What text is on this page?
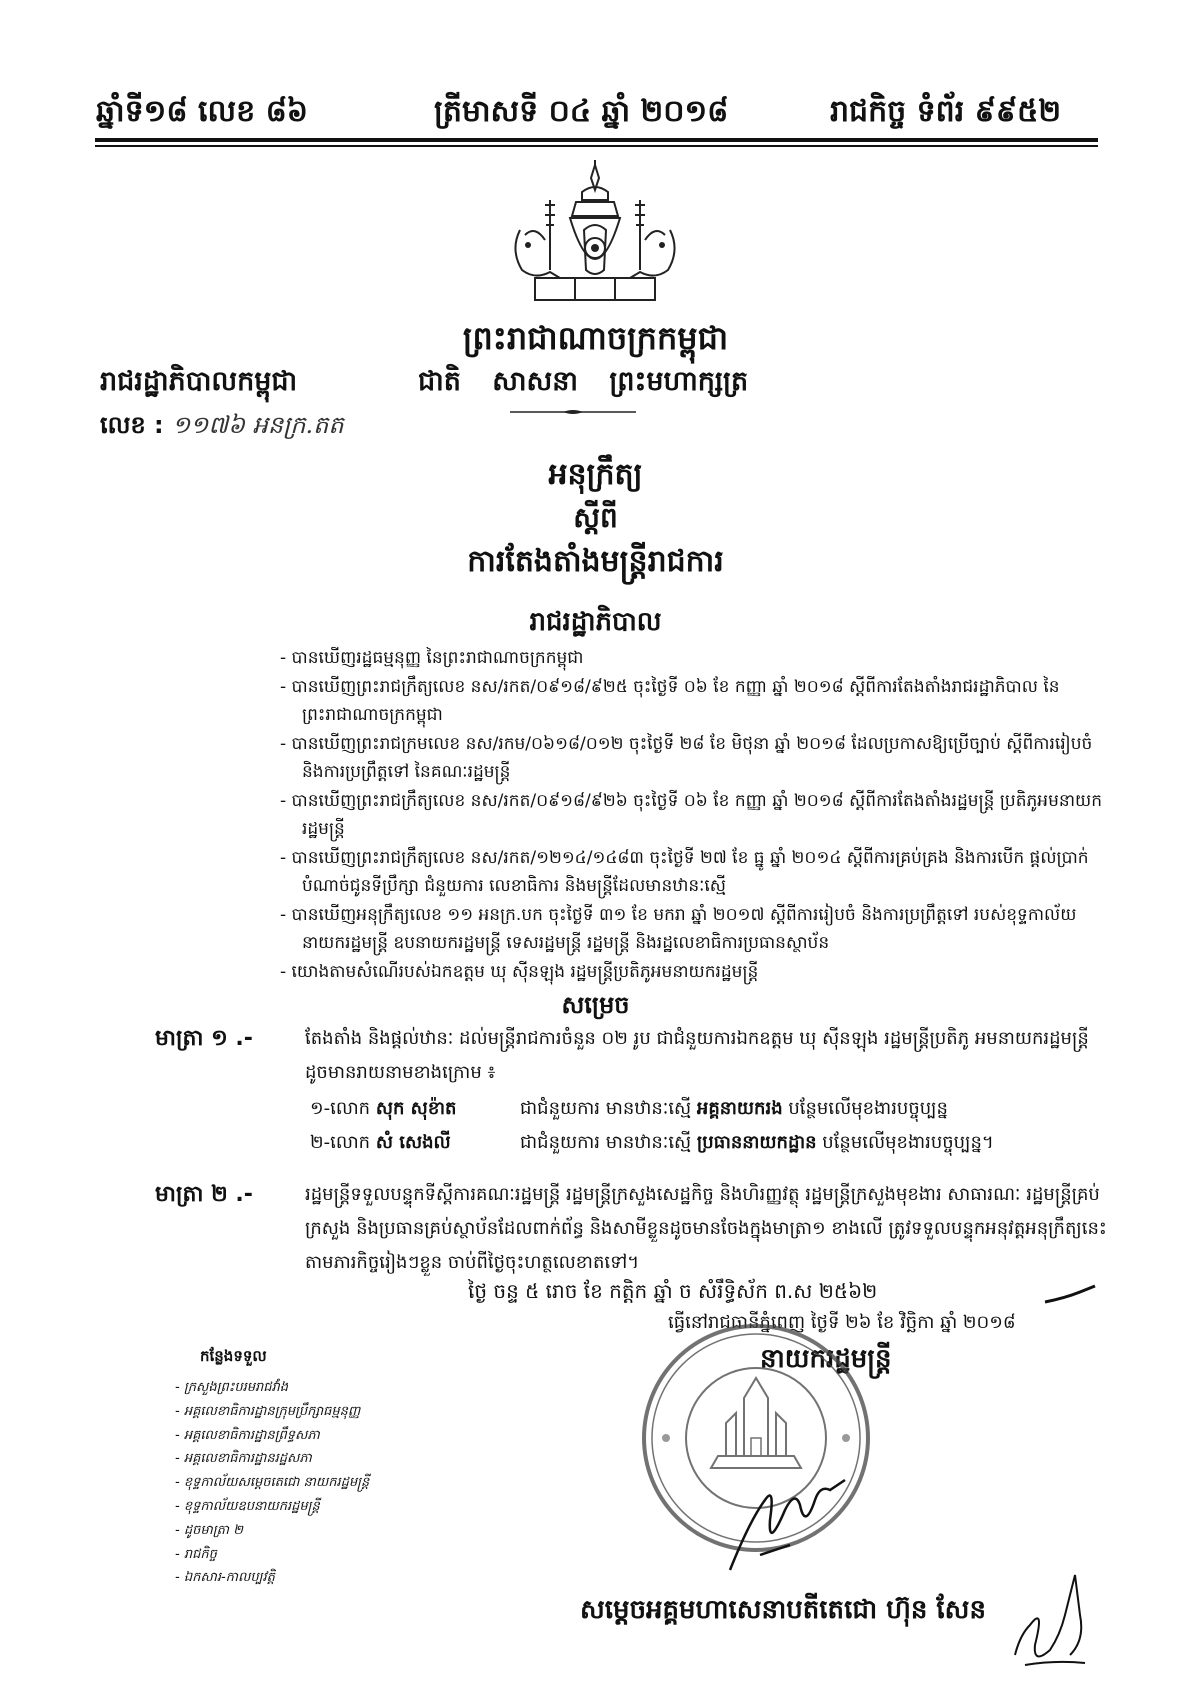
ឆ្នាំទី១៨ លេខ ៨៦	ត្រីមាសទី ០៤ ឆ្នាំ ២០១៨	រាជកិច្ច ទំព័រ ៩៩៥២
ព្រះរាជាណាចក្រកម្ពុជា
រាជរដ្ឋាភិបាលកម្ពុជា	ជាតិ សាសនា ព្រះមហាក្សត្រ
លេខ : ១១៧៦ អនក្រ.តត
អនុក្រឹត្យ
ស្តីពី
ការតែងតាំងមន្ត្រីរាជការ
រាជរដ្ឋាភិបាល

- បានឃើញរដ្ឋធម្មនុញ្ញ នៃព្រះរាជាណាចក្រកម្ពុជា

- បានឃើញព្រះរាជក្រឹត្យលេខ នស/រកត/០៩១៨/៩២៥ ចុះថ្ងៃទី ០៦ ខែ កញ្ញា ឆ្នាំ ២០១៨ ស្តីពីការតែងតាំងរាជរដ្ឋាភិបាល នៃព្រះរាជាណាចក្រកម្ពុជា

- បានឃើញព្រះរាជក្រមលេខ នស/រកម/០៦១៨/០១២ ចុះថ្ងៃទី ២៨ ខែ មិថុនា ឆ្នាំ ២០១៨ ដែលប្រកាសឱ្យប្រើច្បាប់ ស្តីពីការរៀបចំ និងការប្រព្រឹត្តទៅ នៃគណៈរដ្ឋមន្ត្រី

- បានឃើញព្រះរាជក្រឹត្យលេខ នស/រកត/០៩១៨/៩២៦ ចុះថ្ងៃទី ០៦ ខែ កញ្ញា ឆ្នាំ ២០១៨ ស្តីពីការតែងតាំងរដ្ឋមន្ត្រី ប្រតិភូអមនាយករដ្ឋមន្ត្រី

- បានឃើញព្រះរាជក្រឹត្យលេខ នស/រកត/១២១៤/១៤៨៣ ចុះថ្ងៃទី ២៧ ខែ ធ្នូ ឆ្នាំ ២០១៤ ស្តីពីការគ្រប់គ្រង និងការបើក ផ្តល់ប្រាក់បំណាច់ជូនទីប្រឹក្សា ជំនួយការ លេខាធិការ និងមន្ត្រីដែលមានឋានៈស្មើ

- បានឃើញអនុក្រឹត្យលេខ ១១ អនក្រ.បក ចុះថ្ងៃទី ៣១ ខែ មករា ឆ្នាំ ២០១៧ ស្តីពីការរៀបចំ និងការប្រព្រឹត្តទៅ របស់ខុទ្ទកាល័យនាយករដ្ឋមន្ត្រី ឧបនាយករដ្ឋមន្ត្រី ទេសរដ្ឋមន្ត្រី រដ្ឋមន្ត្រី និងរដ្ឋលេខាធិការប្រធានស្ថាប័ន

- យោងតាមសំណើរបស់ឯកឧត្តម ឃុ ស៊ីនឡុង រដ្ឋមន្ត្រីប្រតិភូអមនាយករដ្ឋមន្ត្រី

សម្រេច
មាត្រា ១ .-	តែងតាំង និងផ្តល់ឋានៈ ដល់មន្ត្រីរាជការចំនួន ០២ រូប ជាជំនួយការឯកឧត្តម ឃុ ស៊ីនឡុង រដ្ឋមន្ត្រីប្រតិភូ អមនាយករដ្ឋមន្ត្រី ដូចមានរាយនាមខាងក្រោម ៖
១-លោក សុក សុខ៉ាត	ជាជំនួយការ មានឋានៈស្មើ អគ្គនាយករង បន្ថែមលើមុខងារបច្ចុប្បន្ន
២-លោក សំ សេងលី	ជាជំនួយការ មានឋានៈស្មើ ប្រធាននាយកដ្ឋាន បន្ថែមលើមុខងារបច្ចុប្បន្ន។
មាត្រា ២ .-	រដ្ឋមន្ត្រីទទួលបន្ទុកទីស្តីការគណៈរដ្ឋមន្ត្រី រដ្ឋមន្ត្រីក្រសួងសេដ្ឋកិច្ច និងហិរញ្ញវត្ថុ រដ្ឋមន្ត្រីក្រសួងមុខងារ សាធារណៈ រដ្ឋមន្ត្រីគ្រប់ក្រសួង និងប្រធានគ្រប់ស្ថាប័នដែលពាក់ព័ន្ធ និងសាមីខ្លួនដូចមានចែងក្នុងមាត្រា១ ខាងលើ ត្រូវទទួលបន្ទុកអនុវត្តអនុក្រឹត្យនេះតាមភារកិច្ចរៀងៗខ្លួន ចាប់ពីថ្ងៃចុះហត្ថលេខាតទៅ។
ថ្ងៃ ចន្ទ ៥ រោច ខែ កត្តិក ឆ្នាំ ច សំរឹទ្ធិស័ក ព.ស ២៥៦២
ធ្វើនៅរាជធានីភ្នំពេញ ថ្ងៃទី ២៦ ខែ វិច្ឆិកា ឆ្នាំ ២០១៨
នាយករដ្ឋមន្ត្រី
សម្តេចអគ្គមហាសេនាបតីតេជោ ហ៊ុន សែន
កន្លែងទទួល
- ក្រសួងព្រះបរមរាជវាំង
- អគ្គលេខាធិការដ្ឋានក្រុមប្រឹក្សាធម្មនុញ្ញ
- អគ្គលេខាធិការដ្ឋានព្រឹទ្ធសភា
- អគ្គលេខាធិការដ្ឋានរដ្ឋសភា
- ខុទ្ទកាល័យសម្តេចតេជោ នាយករដ្ឋមន្ត្រី
- ខុទ្ទកាល័យឧបនាយករដ្ឋមន្ត្រី
- ដូចមាត្រា ២
- រាជកិច្ច
- ឯកសារ-កាលប្បវត្តិ
